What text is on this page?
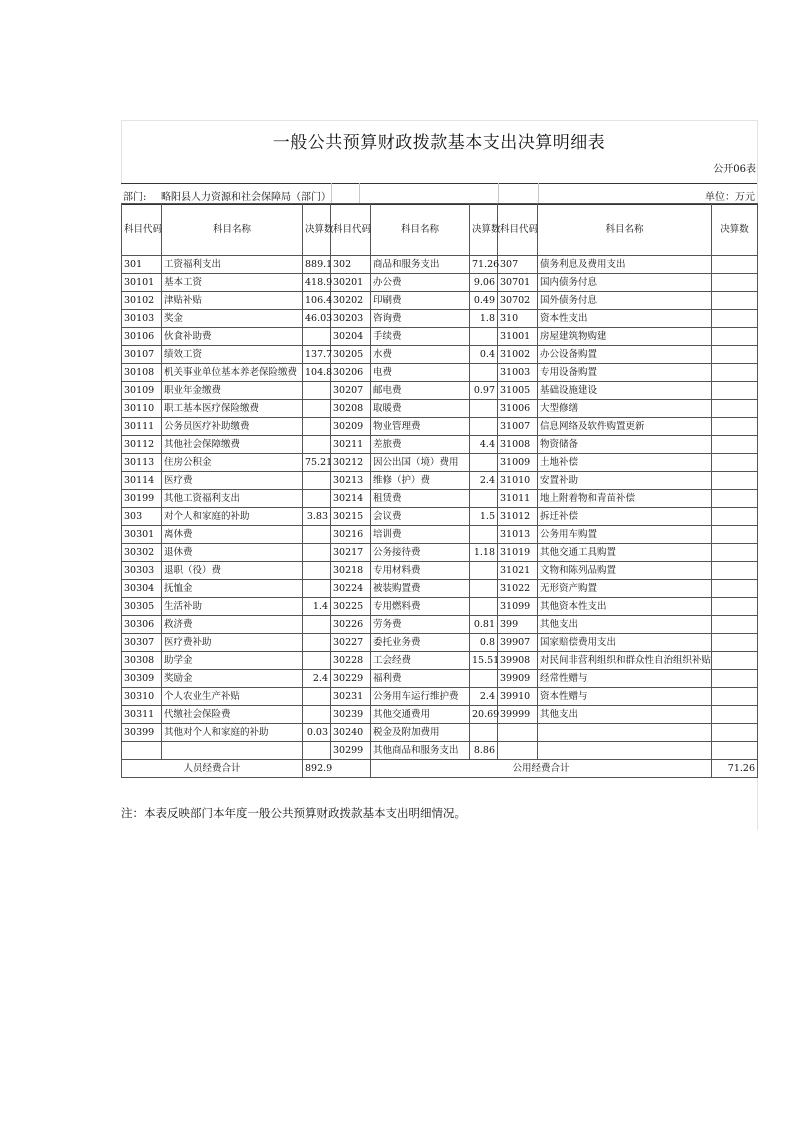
一般公共预算财政拨款基本支出决算明细表
公开06表
部门: 略阳县人力资源和社会保障局（部门）	单位：万元
科目代码	科目名称	决算数	科目代码	科目名称	决算数	科目代码	科目名称	决算数
301	工资福利支出	889.1	302	商品和服务支出	71.26	307	债务利息及费用支出	
30101	基本工资	418.9	30201	办公费	9.06	30701	国内债务付息	
30102	津贴补贴	106.4	30202	印刷费	0.49	30702	国外债务付息	
30103	奖金	46.03	30203	咨询费	1.8	310	资本性支出	
30106	伙食补助费		30204	手续费		31001	房屋建筑物购建	
30107	绩效工资	137.7	30205	水费	0.4	31002	办公设备购置	
30108	机关事业单位基本养老保险缴费	104.8	30206	电费		31003	专用设备购置	
30109	职业年金缴费		30207	邮电费	0.97	31005	基础设施建设	
30110	职工基本医疗保险缴费		30208	取暖费		31006	大型修缮	
30111	公务员医疗补助缴费		30209	物业管理费		31007	信息网络及软件购置更新	
30112	其他社会保障缴费		30211	差旅费	4.4	31008	物资储备	
30113	住房公积金	75.21	30212	因公出国（境）费用		31009	土地补偿	
30114	医疗费		30213	维修（护）费	2.4	31010	安置补助	
30199	其他工资福利支出		30214	租赁费		31011	地上附着物和青苗补偿	
303	对个人和家庭的补助	3.83	30215	会议费	1.5	31012	拆迁补偿	
30301	离休费		30216	培训费		31013	公务用车购置	
30302	退休费		30217	公务接待费	1.18	31019	其他交通工具购置	
30303	退职（役）费		30218	专用材料费		31021	文物和陈列品购置	
30304	抚恤金		30224	被装购置费		31022	无形资产购置	
30305	生活补助	1.4	30225	专用燃料费		31099	其他资本性支出	
30306	救济费		30226	劳务费	0.81	399	其他支出	
30307	医疗费补助		30227	委托业务费	0.8	39907	国家赔偿费用支出	
30308	助学金		30228	工会经费	15.51	39908	对民间非营利组织和群众性自治组织补贴	
30309	奖励金	2.4	30229	福利费		39909	经常性赠与	
30310	个人农业生产补贴		30231	公务用车运行维护费	2.4	39910	资本性赠与	
30311	代缴社会保险费		30239	其他交通费用	20.69	39999	其他支出	
30399	其他对个人和家庭的补助	0.03	30240	税金及附加费用				
			30299	其他商品和服务支出	8.86			
人员经费合计		892.9		公用经费合计				71.26
注：本表反映部门本年度一般公共预算财政拨款基本支出明细情况。
